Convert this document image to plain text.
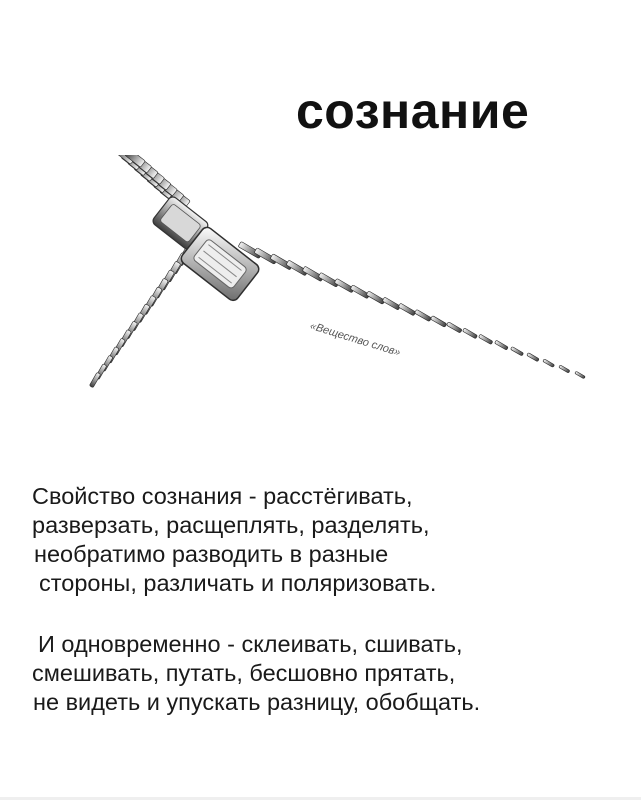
сознание
«Вещество слов»

Свойство сознания - расстёгивать,
разверзать, расщеплять, разделять,
необратимо разводить в разные
стороны, различать и поляризовать.

И одновременно - склеивать, сшивать,
смешивать, путать, бесшовно прятать,
не видеть и упускать разницу, обобщать.
